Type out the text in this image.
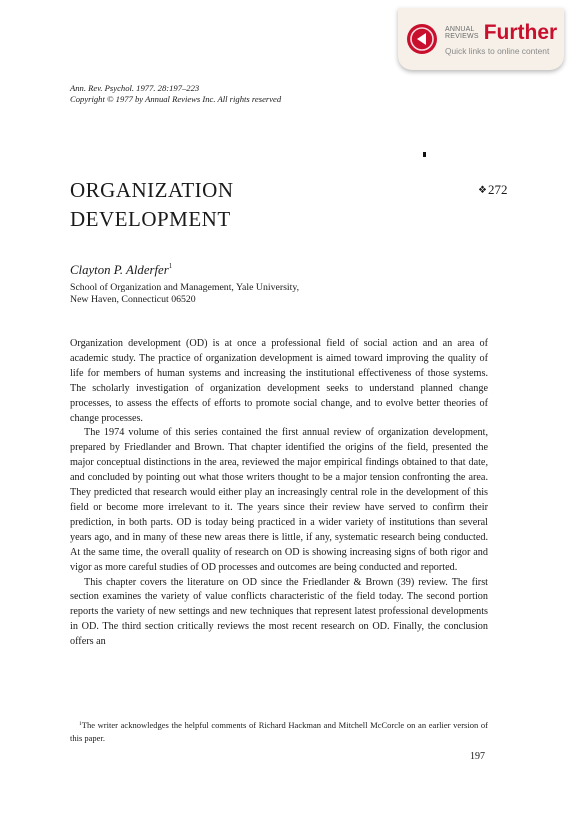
ANNUAL
REVIEWS Further
Quick links to online content
Ann. Rev. Psychol. 1977. 28:197–223
Copyright © 1977 by Annual Reviews Inc. All rights reserved
ORGANIZATION
DEVELOPMENT
❖ 272
Clayton P. Alderfer$^1$
School of Organization and Management, Yale University,
New Haven, Connecticut 06520

Organization development (OD) is at once a professional field of social action and an area of academic study. The practice of organization development is aimed toward improving the quality of life for members of human systems and increasing the institutional effectiveness of those systems. The scholarly investigation of organization development seeks to understand planned change processes, to assess the effects of efforts to promote social change, and to evolve better theories of change processes.

The 1974 volume of this series contained the first annual review of organization development, prepared by Friedlander and Brown. That chapter identified the origins of the field, presented the major conceptual distinctions in the area, reviewed the major empirical findings obtained to that date, and concluded by pointing out what those writers thought to be a major tension confronting the area. They predicted that research would either play an increasingly central role in the development of this field or become more irrelevant to it. The years since their review have served to confirm their prediction, in both parts. OD is today being practiced in a wider variety of institutions than several years ago, and in many of these new areas there is little, if any, systematic research being conducted. At the same time, the overall quality of research on OD is showing increasing signs of both rigor and vigor as more careful studies of OD processes and outcomes are being conducted and reported.

This chapter covers the literature on OD since the Friedlander & Brown (39) review. The first section examines the variety of value conflicts characteristic of the field today. The second portion reports the variety of new settings and new techniques that represent latest professional developments in OD. The third section critically reviews the most recent research on OD. Finally, the conclusion offers an

$^1$The writer acknowledges the helpful comments of Richard Hackman and Mitchell McCorcle on an earlier version of this paper.
197
